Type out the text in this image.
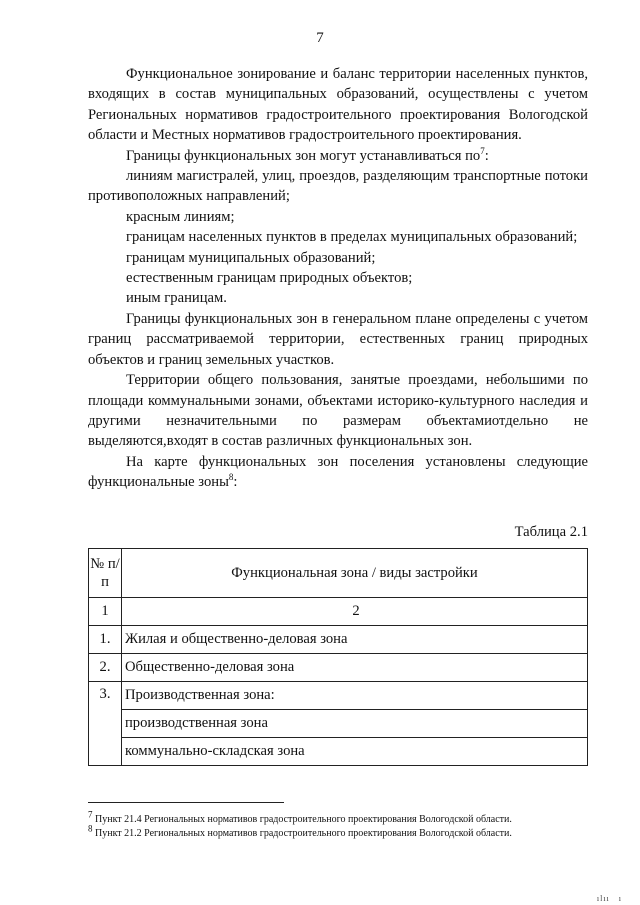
7

Функциональное зонирование и баланс территории населенных пунктов, входящих в состав муниципальных образований, осуществлены с учетом Региональных нормативов градостроительного проектирования Вологодской области и Местных нормативов градостроительного проектирования.

Границы функциональных зон могут устанавливаться $по^7$:

линиям магистралей, улиц, проездов, разделяющим транспортные потоки противоположных направлений;

красным линиям;

границам населенных пунктов в пределах муниципальных образований;

границам муниципальных образований;

естественным границам природных объектов;

иным границам.

Границы функциональных зон в генеральном плане определены с учетом границ рассматриваемой территории, естественных границ природных объектов и границ земельных участков.

Территории общего пользования, занятые проездами, небольшими по площади коммунальными зонами, объектами историко-культурного наследия и другими незначительными по размерам объектамиотдельно не выделяются,входят в состав различных функциональных зон.

На карте функциональных зон поселения установлены следующие функциональные зоны$^8$:

Таблица 2.1
№ п/п	Функциональная зона / виды застройки
1	2
1.	Жилая и общественно-деловая зона
2.	Общественно-деловая зона
3.	Производственная зона:
	производственная зона
	коммунально-складская зона

$^7$ Пункт 21.4 Региональных нормативов градостроительного проектирования Вологодской области.

$^8$ Пункт 21.2 Региональных нормативов градостроительного проектирования Вологодской области.

ılıı   ı
